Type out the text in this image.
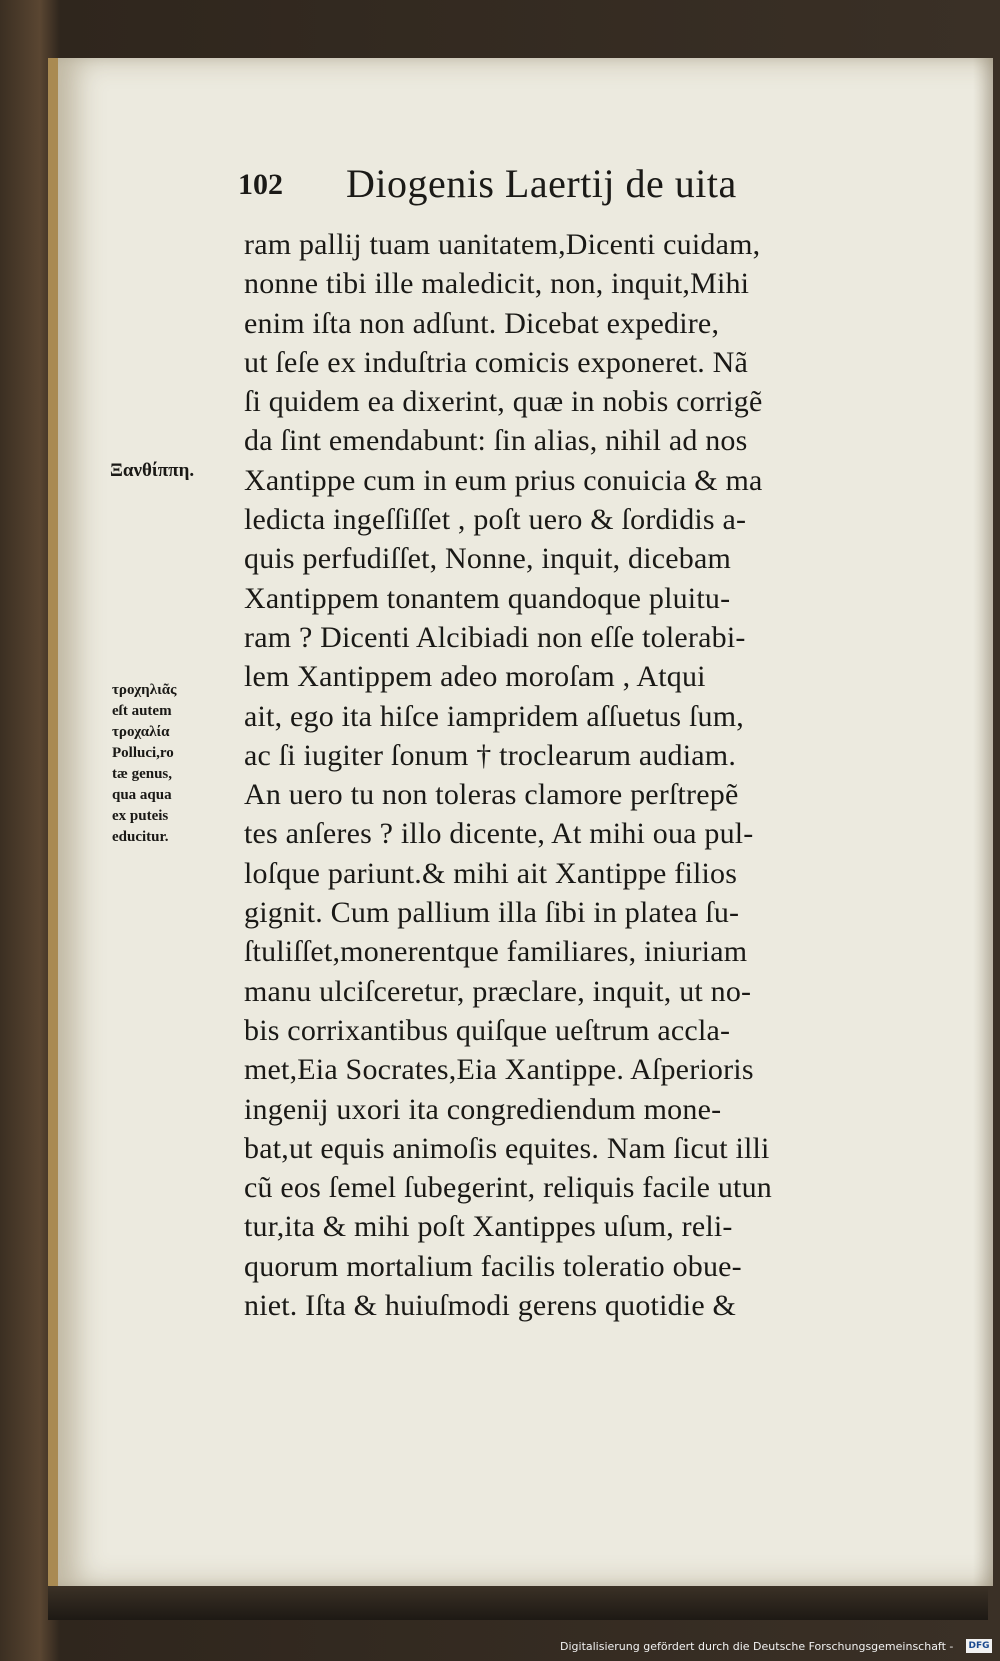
102 Diogenis Laertij de uita
ram pallij tuam uanitatem,Dicenti cuidam,
nonne tibi ille maledicit, non, inquit,Mihi
enim iſta non adſunt. Dicebat expedire,
ut ſeſe ex induſtria comicis exponeret. Nã
ſi quidem ea dixerint, quæ in nobis corrigẽ
da ſint emendabunt: ſin alias, nihil ad nos
Xantippe cum in eum prius conuicia & ma
ledicta ingeſſiſſet , poſt uero & ſordidis a-
quis perfudiſſet, Nonne, inquit, dicebam
Xantippem tonantem quandoque pluitu-
ram ? Dicenti Alcibiadi non eſſe tolerabi-
lem Xantippem adeo moroſam , Atqui
ait, ego ita hiſce iampridem aſſuetus ſum,
ac ſi iugiter ſonum † troclearum audiam.
An uero tu non toleras clamore perſtrepẽ
tes anſeres ? illo dicente, At mihi oua pul-
loſque pariunt.& mihi ait Xantippe filios
gignit. Cum pallium illa ſibi in platea ſu-
ſtuliſſet,monerentque familiares, iniuriam
manu ulciſceretur, præclare, inquit, ut no-
bis corrixantibus quiſque ueſtrum accla-
met,Eia Socrates,Eia Xantippe. Aſperioris
ingenij uxori ita congrediendum mone-
bat,ut equis animoſis equites. Nam ſicut illi
cũ eos ſemel ſubegerint, reliquis facile utun
tur,ita & mihi poſt Xantippes uſum, reli-
quorum mortalium facilis toleratio obue-
niet. Iſta & huiuſmodi gerens quotidie &
Ξανθίππη.
τροχηλιᾶς
eſt autem
τροχαλία
Polluci,ro
tæ genus,
qua aqua
ex puteis
educitur.
Digitalisierung gefördert durch die Deutsche Forschungsgemeinschaft - DFG
